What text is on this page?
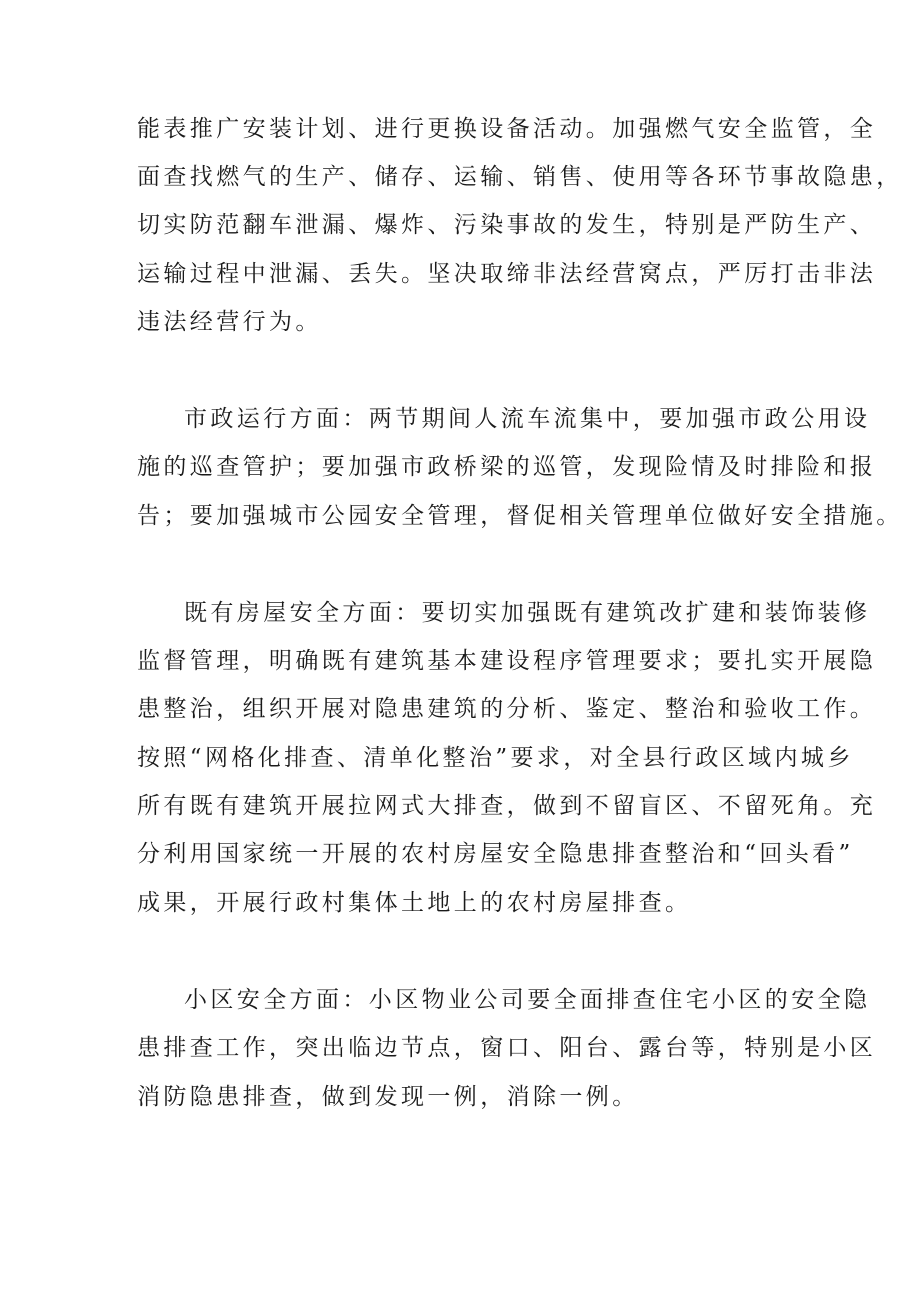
能表推广安装计划、进行更换设备活动。加强燃气安全监管，全
面查找燃气的生产、储存、运输、销售、使用等各环节事故隐患，
切实防范翻车泄漏、爆炸、污染事故的发生，特别是严防生产、
运输过程中泄漏、丢失。坚决取缔非法经营窝点，严厉打击非法
违法经营行为。
市政运行方面：两节期间人流车流集中，要加强市政公用设
施的巡查管护；要加强市政桥梁的巡管，发现险情及时排险和报
告；要加强城市公园安全管理，督促相关管理单位做好安全措施。
既有房屋安全方面：要切实加强既有建筑改扩建和装饰装修
监督管理，明确既有建筑基本建设程序管理要求；要扎实开展隐
患整治，组织开展对隐患建筑的分析、鉴定、整治和验收工作。
按照“网格化排查、清单化整治”要求，对全县行政区域内城乡
所有既有建筑开展拉网式大排查，做到不留盲区、不留死角。充
分利用国家统一开展的农村房屋安全隐患排查整治和“回头看”
成果，开展行政村集体土地上的农村房屋排查。
小区安全方面：小区物业公司要全面排查住宅小区的安全隐
患排查工作，突出临边节点，窗口、阳台、露台等，特别是小区
消防隐患排查，做到发现一例，消除一例。
